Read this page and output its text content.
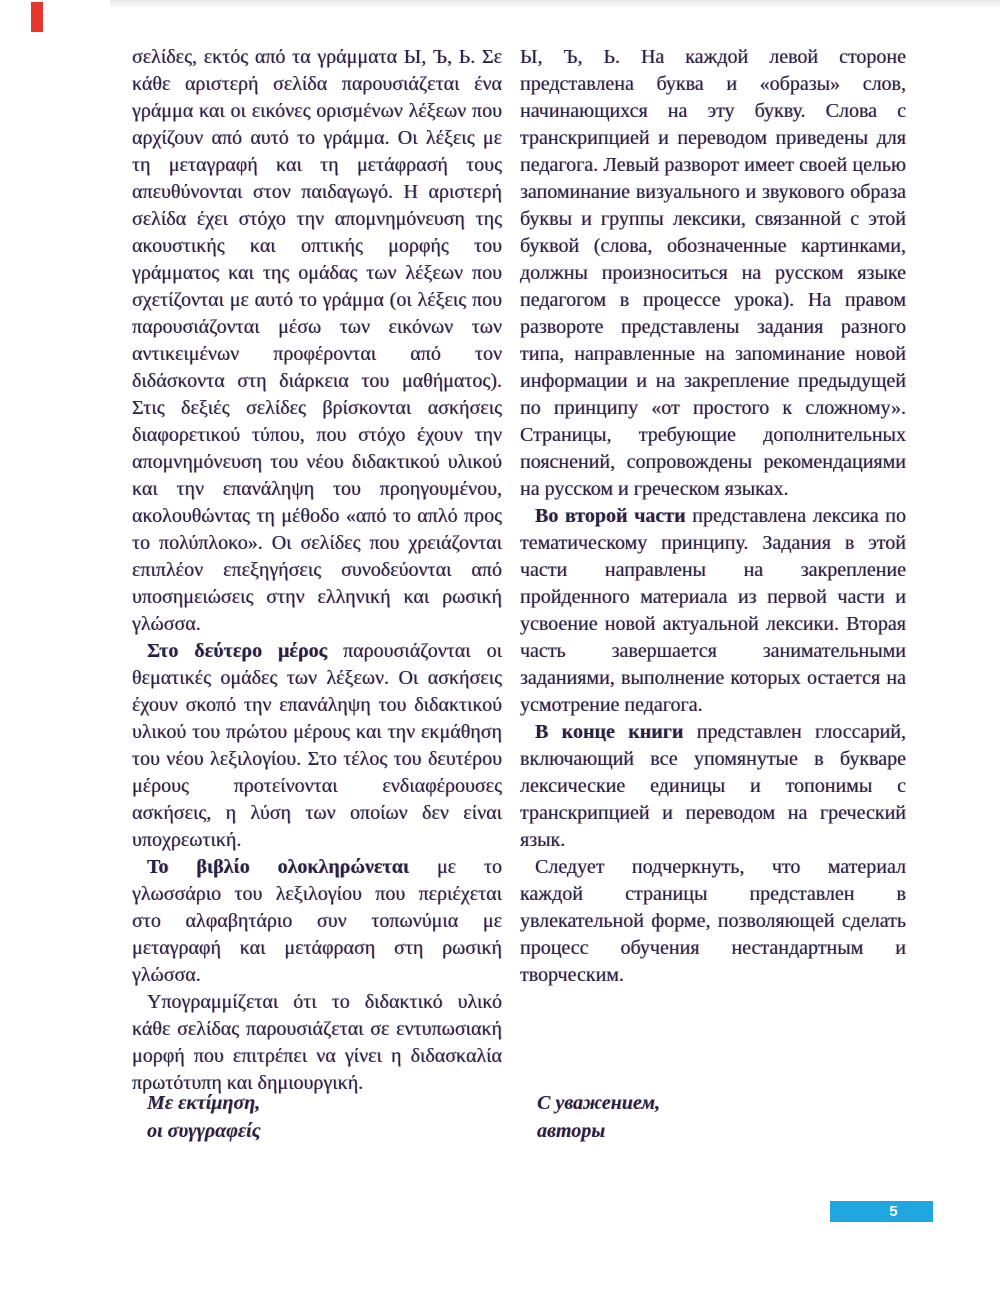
σελίδες, εκτός από τα γράμματα Ы, Ъ, Ь. Σε κάθε αριστερή σελίδα παρουσιάζεται ένα γράμμα και οι εικόνες ορισμένων λέξεων που αρχίζουν από αυτό το γράμμα. Οι λέξεις με τη μεταγραφή και τη μετάφρασή τους απευθύνονται στον παιδαγωγό. Η αριστερή σελίδα έχει στόχο την απομνημόνευση της ακουστικής και οπτικής μορφής του γράμματος και της ομάδας των λέξεων που σχετίζονται με αυτό το γράμμα (οι λέξεις που παρουσιάζονται μέσω των εικόνων των αντικειμένων προφέρονται από τον διδάσκοντα στη διάρκεια του μαθήματος). Στις δεξιές σελίδες βρίσκονται ασκήσεις διαφορετικού τύπου, που στόχο έχουν την απομνημόνευση του νέου διδακτικού υλικού και την επανάληψη του προηγουμένου, ακολουθώντας τη μέθοδο «από το απλό προς το πολύπλοκο». Οι σελίδες που χρειάζονται επιπλέον επεξηγήσεις συνοδεύονται από υποσημειώσεις στην ελληνική και ρωσική γλώσσα.

Στο δεύτερο μέρος παρουσιάζονται οι θεματικές ομάδες των λέξεων. Οι ασκήσεις έχουν σκοπό την επανάληψη του διδακτικού υλικού του πρώτου μέρους και την εκμάθηση του νέου λεξιλογίου. Στο τέλος του δευτέρου μέρους προτείνονται ενδιαφέρουσες ασκήσεις, η λύση των οποίων δεν είναι υποχρεωτική.

Το βιβλίο ολοκληρώνεται με το γλωσσάριο του λεξιλογίου που περιέχεται στο αλφαβητάριο συν τοπωνύμια με μεταγραφή και μετάφραση στη ρωσική γλώσσα.

Υπογραμμίζεται ότι το διδακτικό υλικό κάθε σελίδας παρουσιάζεται σε εντυπωσιακή μορφή που επιτρέπει να γίνει η διδασκαλία πρωτότυπη και δημιουργική.

Ы, Ъ, Ь. На каждой левой стороне представлена буква и «образы» слов, начинающихся на эту букву. Слова с транскрипцией и переводом приведены для педагога. Левый разворот имеет своей целью запоминание визуального и звукового образа буквы и группы лексики, связанной с этой буквой (слова, обозначенные картинками, должны произноситься на русском языке педагогом в процессе урока). На правом развороте представлены задания разного типа, направленные на запоминание новой информации и на закрепление предыдущей по принципу «от простого к сложному». Страницы, требующие дополнительных пояснений, сопровождены рекомендациями на русском и греческом языках.

Во второй части представлена лексика по тематическому принципу. Задания в этой части направлены на закрепление пройденного материала из первой части и усвоение новой актуальной лексики. Вторая часть завершается занимательными заданиями, выполнение которых остается на усмотрение педагога.

В конце книги представлен глоссарий, включающий все упомянутые в букваре лексические единицы и топонимы с транскрипцией и переводом на греческий язык.

Следует подчеркнуть, что материал каждой страницы представлен в увлекательной форме, позволяющей сделать процесс обучения нестандартным и творческим.

Με εκτίμηση,
οι συγγραφείς
С уважением,
авторы
5
